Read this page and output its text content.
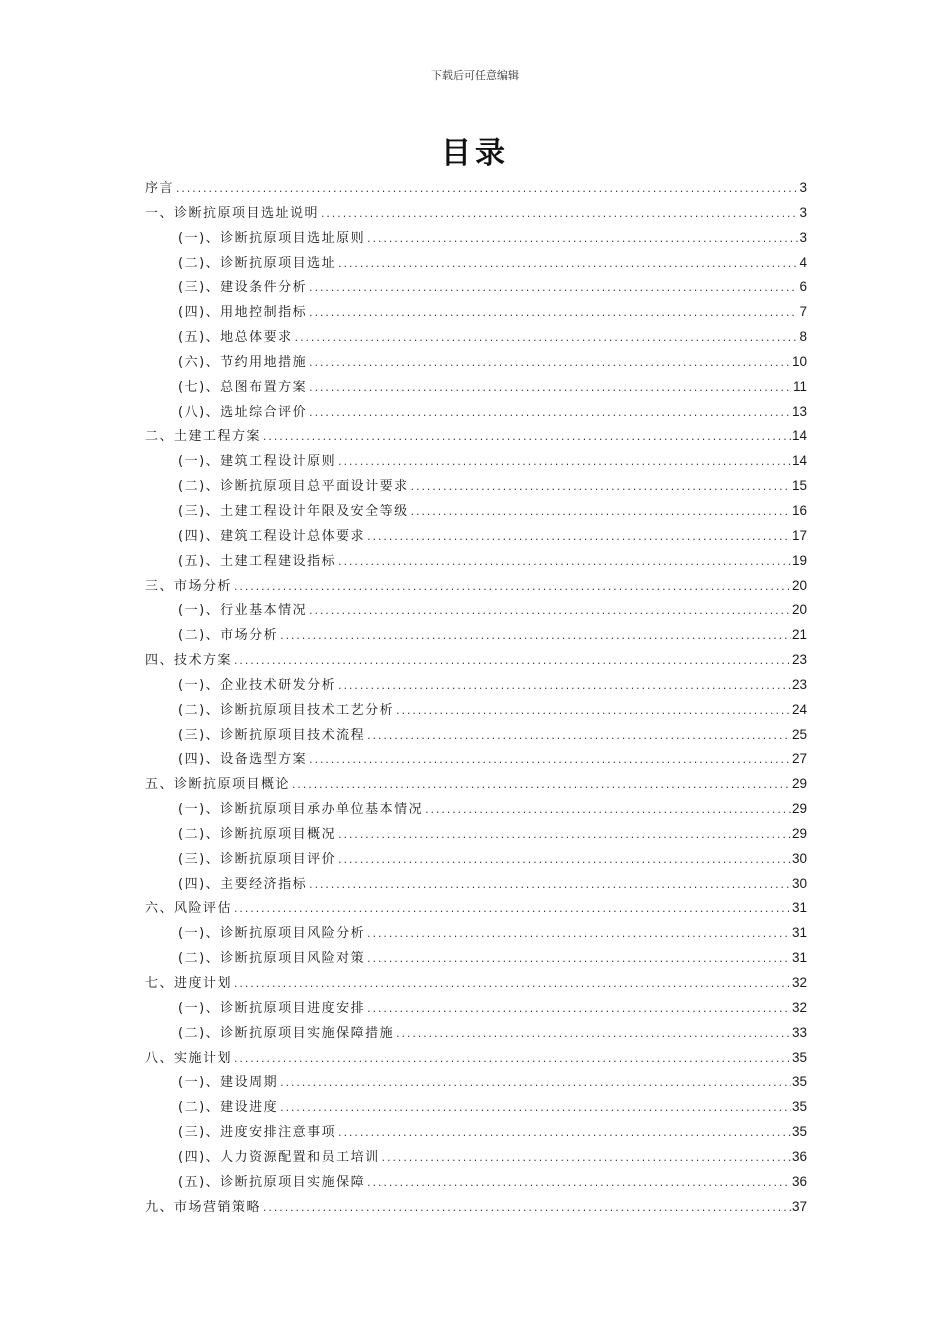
下载后可任意编辑
目录
序言 .....	3
一、诊断抗原项目选址说明 .....	3
(一)、诊断抗原项目选址原则 .....	3
(二)、诊断抗原项目选址 .....	4
(三)、建设条件分析 .....	6
(四)、用地控制指标 .....	7
(五)、地总体要求 .....	8
(六)、节约用地措施 .....	10
(七)、总图布置方案 .....	11
(八)、选址综合评价 .....	13
二、土建工程方案 .....	14
(一)、建筑工程设计原则 .....	14
(二)、诊断抗原项目总平面设计要求 .....	15
(三)、土建工程设计年限及安全等级 .....	16
(四)、建筑工程设计总体要求 .....	17
(五)、土建工程建设指标 .....	19
三、市场分析 .....	20
(一)、行业基本情况 .....	20
(二)、市场分析 .....	21
四、技术方案 .....	23
(一)、企业技术研发分析 .....	23
(二)、诊断抗原项目技术工艺分析 .....	24
(三)、诊断抗原项目技术流程 .....	25
(四)、设备选型方案 .....	27
五、诊断抗原项目概论 .....	29
(一)、诊断抗原项目承办单位基本情况 .....	29
(二)、诊断抗原项目概况 .....	29
(三)、诊断抗原项目评价 .....	30
(四)、主要经济指标 .....	30
六、风险评估 .....	31
(一)、诊断抗原项目风险分析 .....	31
(二)、诊断抗原项目风险对策 .....	31
七、进度计划 .....	32
(一)、诊断抗原项目进度安排 .....	32
(二)、诊断抗原项目实施保障措施 .....	33
八、实施计划 .....	35
(一)、建设周期 .....	35
(二)、建设进度 .....	35
(三)、进度安排注意事项 .....	35
(四)、人力资源配置和员工培训 .....	36
(五)、诊断抗原项目实施保障 .....	36
九、市场营销策略 .....	37
